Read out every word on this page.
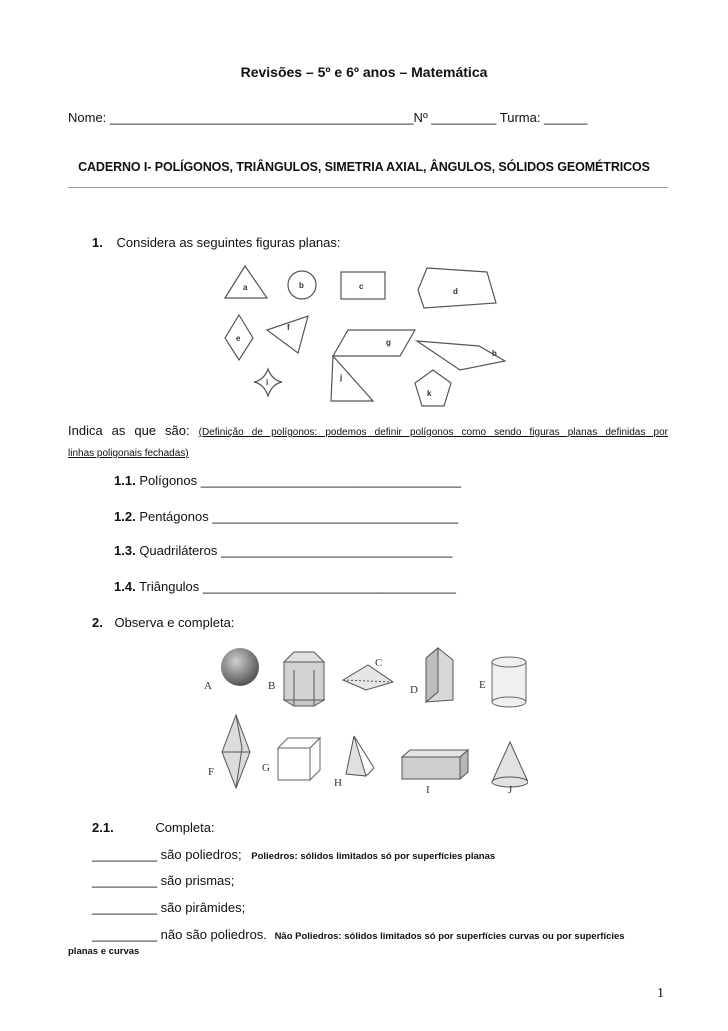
Revisões – 5º e 6º anos – Matemática
Nome: __________________________________________Nº _________ Turma: ______
CADERNO I- POLÍGONOS, TRIÂNGULOS, SIMETRIA AXIAL, ÂNGULOS, SÓLIDOS GEOMÉTRICOS
1. Considera as seguintes figuras planas:
a	b	c
d
e
f
g
h
i
j
k
Indica as que são: (Definição de polígonos: podemos definir polígonos como sendo figuras planas definidas por
linhas poligonais fechadas)
1.1. Polígonos ____________________________________
1.2. Pentágonos __________________________________
1.3. Quadriláteros ________________________________
1.4. Triângulos ___________________________________
2. Observa e completa:
A	B
C
D	E
F	G
H
I	J
2.1.	Completa:
_________ são poliedros; Poliedros: sólidos limitados só por superfícies planas
_________ são prismas;
_________ são pirâmides;
_________ não são poliedros. Não Poliedros: sólidos limitados só por superfícies curvas ou por superfícies
planas e curvas
1
